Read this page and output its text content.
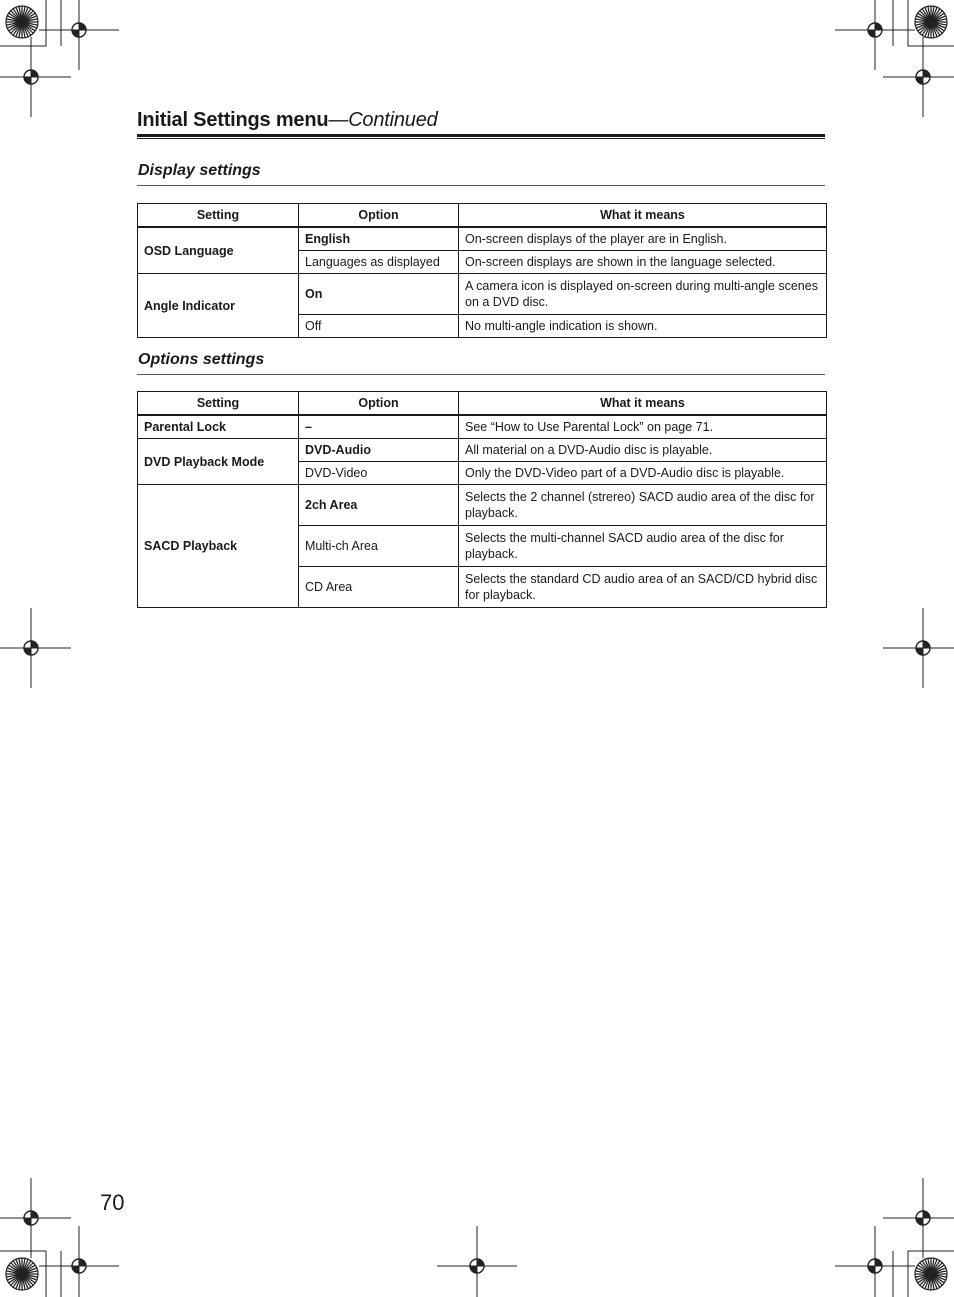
Initial Settings menu—Continued
Display settings
Setting	Option	What it means
OSD Language	English	On-screen displays of the player are in English.
	Languages as displayed	On-screen displays are shown in the language selected.
Angle Indicator	On	A camera icon is displayed on-screen during multi-angle scenes on a DVD disc.
	Off	No multi-angle indication is shown.
Options settings
Setting	Option	What it means
Parental Lock	–	See “How to Use Parental Lock” on page 71.
DVD Playback Mode	DVD-Audio	All material on a DVD-Audio disc is playable.
	DVD-Video	Only the DVD-Video part of a DVD-Audio disc is playable.
SACD Playback	2ch Area	Selects the 2 channel (strereo) SACD audio area of the disc for playback.
	Multi-ch Area	Selects the multi-channel SACD audio area of the disc for playback.
	CD Area	Selects the standard CD audio area of an SACD/CD hybrid disc for playback.
70
